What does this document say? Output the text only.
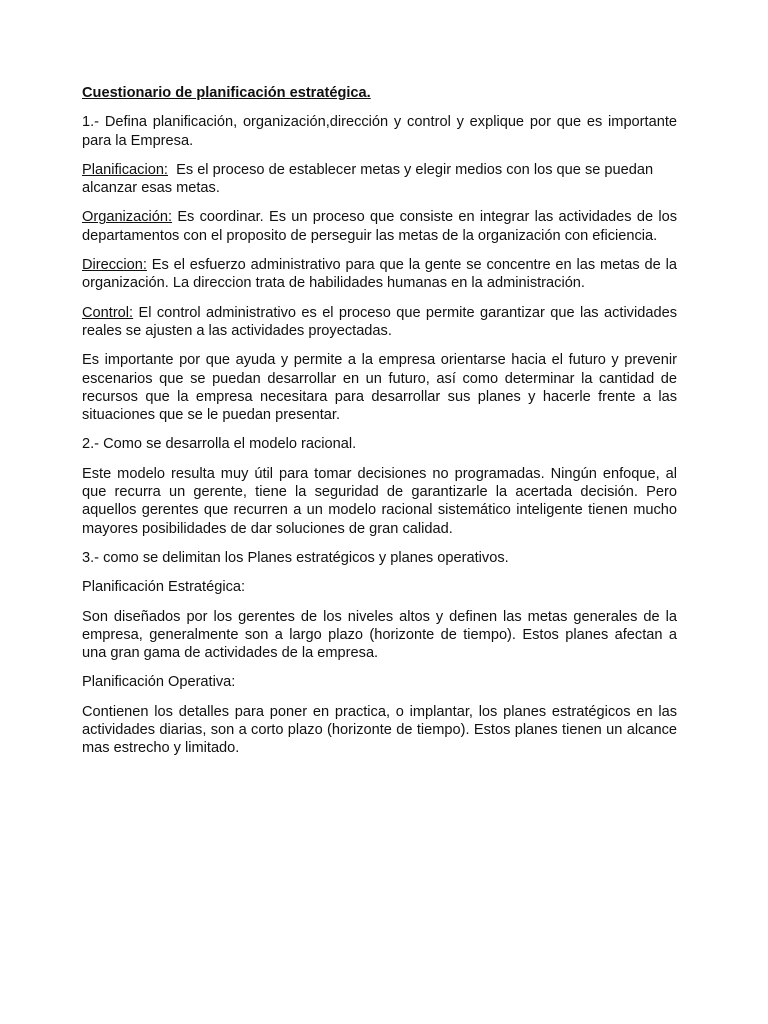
Cuestionario de planificación estratégica.

1.- Defina planificación, organización,dirección y control y explique por que es importante para la Empresa.

Planificacion: Es el proceso de establecer metas y elegir medios con los que se puedan alcanzar esas metas.

Organización: Es coordinar. Es un proceso que consiste en integrar las actividades de los departamentos con el proposito de perseguir las metas de la organización con eficiencia.

Direccion: Es el esfuerzo administrativo para que la gente se concentre en las metas de la organización. La direccion trata de habilidades humanas en la administración.

Control: El control administrativo es el proceso que permite garantizar que las actividades reales se ajusten a las actividades proyectadas.

Es importante por que ayuda y permite a la empresa orientarse hacia el futuro y prevenir escenarios que se puedan desarrollar en un futuro, así como determinar la cantidad de recursos que la empresa necesitara para desarrollar sus planes y hacerle frente a las situaciones que se le puedan presentar.

2.- Como se desarrolla el modelo racional.

Este modelo resulta muy útil para tomar decisiones no programadas. Ningún enfoque, al que recurra un gerente, tiene la seguridad de garantizarle la acertada decisión. Pero aquellos gerentes que recurren a un modelo racional sistemático inteligente tienen mucho mayores posibilidades de dar soluciones de gran calidad.

3.- como se delimitan los Planes estratégicos y planes operativos.

Planificación Estratégica:

Son diseñados por los gerentes de los niveles altos y definen las metas generales de la empresa, generalmente son a largo plazo (horizonte de tiempo). Estos planes afectan a una gran gama de actividades de la empresa.

Planificación Operativa:

Contienen los detalles para poner en practica, o implantar, los planes estratégicos en las actividades diarias, son a corto plazo (horizonte de tiempo). Estos planes tienen un alcance mas estrecho y limitado.
